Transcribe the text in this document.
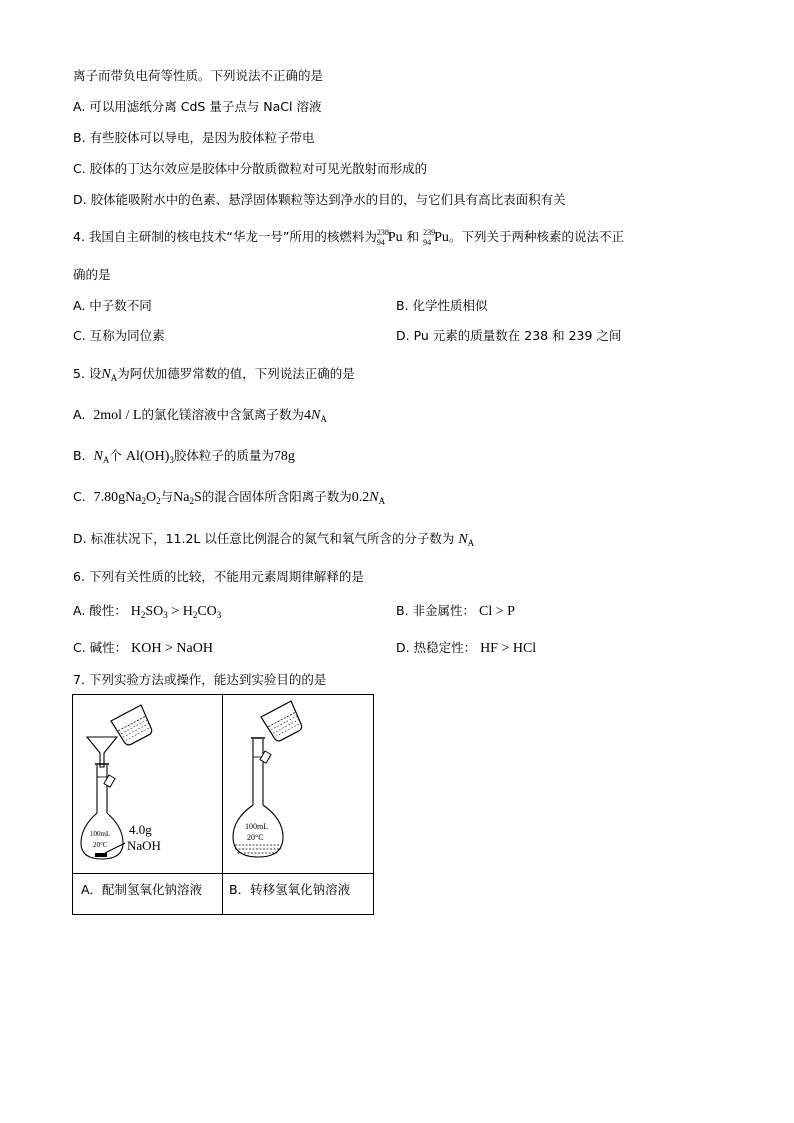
离子而带负电荷等性质。下列说法不正确的是
A. 可以用滤纸分离 CdS 量子点与 NaCl 溶液
B. 有些胶体可以导电，是因为胶体粒子带电
C. 胶体的丁达尔效应是胶体中分散质微粒对可见光散射而形成的
D. 胶体能吸附水中的色素、悬浮固体颗粒等达到净水的目的，与它们具有高比表面积有关
4. 我国自主研制的核电技术“华龙一号”所用的核燃料为 238
94 Pu 和 239
94 Pu。下列关于两种核素的说法不正
确的是
A. 中子数不同	B. 化学性质相似
C. 互称为同位素	D. Pu 元素的质量数在 238 和 239 之间
5. 设$N_A$为阿伏加德罗常数的值，下列说法正确的是
A. 2mol / L的氯化镁溶液中含氯离子数为$4N_A$
B. $N_A$个 $Al(OH)_3$胶体粒子的质量为78g
C. $7.80gNa_2O_2$与$Na_2S$的混合固体所含阳离子数为$0.2N_A$
D. 标准状况下，11.2L 以任意比例混合的氮气和氧气所含的分子数为 $N_A$
6. 下列有关性质的比较，不能用元素周期律解释的是
A. 酸性： $H_2SO_3 > H_2CO_3$	B. 非金属性： Cl > P
C. 碱性： KOH > NaOH	D. 热稳定性： HF > HCl
7. 下列实验方法或操作，能达到实验目的的是
100mL
20°C
4.0g
NaOH
100mL
20°C
A．配制氢氧化钠溶液 B．转移氢氧化钠溶液
